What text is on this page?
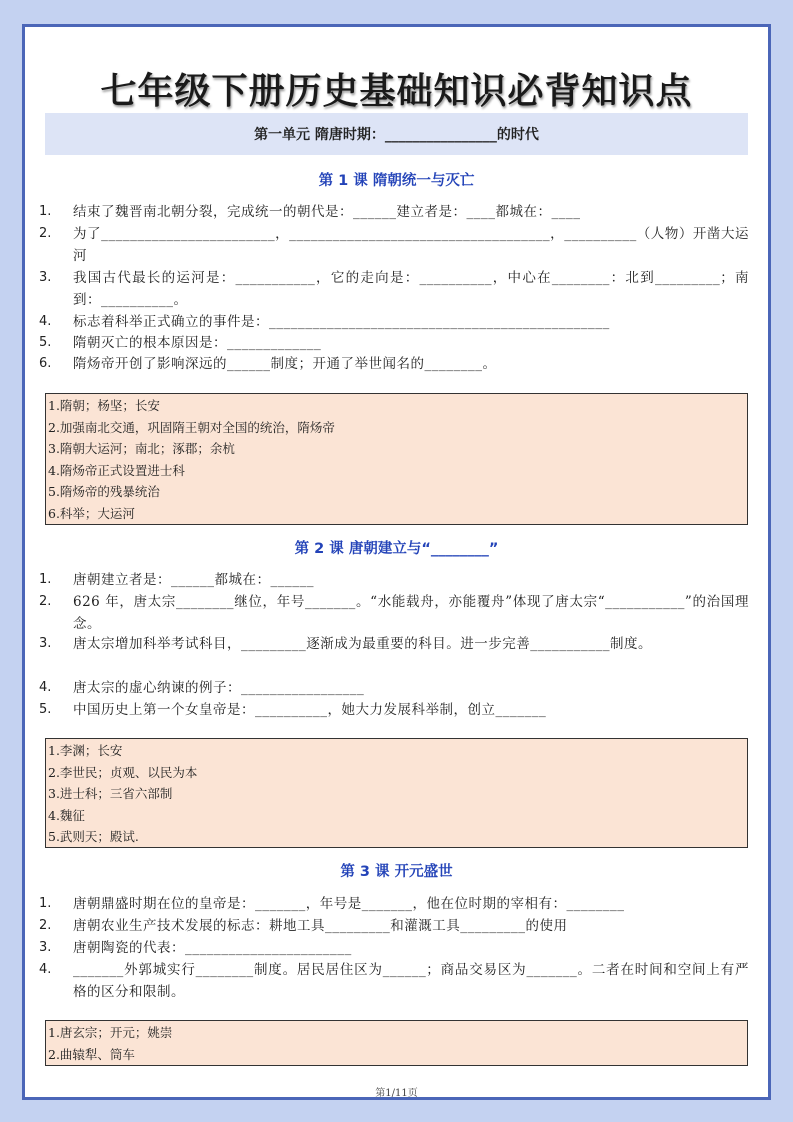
七年级下册历史基础知识必背知识点
第一单元 隋唐时期：________________的时代
第 1 课 隋朝统一与灭亡
1.	结束了魏晋南北朝分裂，完成统一的朝代是：______建立者是：____都城在：____
2.	为了________________________，____________________________________，__________（人物）开凿大运河
3.	我国古代最长的运河是：___________，它的走向是：__________，中心在________：北到_________；南到：__________。
4.	标志着科举正式确立的事件是：_______________________________________________
5.	隋朝灭亡的根本原因是：_____________
6.	隋炀帝开创了影响深远的______制度；开通了举世闻名的________。
1.隋朝；杨坚；长安
2.加强南北交通，巩固隋王朝对全国的统治，隋炀帝
3.隋朝大运河；南北；涿郡；余杭
4.隋炀帝正式设置进士科
5.隋炀帝的残暴统治
6.科举；大运河
第 2 课 唐朝建立与“________”
1.	唐朝建立者是：______都城在：______
2.	626 年，唐太宗________继位，年号_______。“水能载舟，亦能覆舟”体现了唐太宗“___________”的治国理念。
3.	唐太宗增加科举考试科目，_________逐渐成为最重要的科目。进一步完善___________制度。
4.	唐太宗的虚心纳谏的例子：_________________
5.	中国历史上第一个女皇帝是：__________，她大力发展科举制，创立_______
1.李渊；长安
2.李世民；贞观、以民为本
3.进士科；三省六部制
4.魏征
5.武则天；殿试.
第 3 课 开元盛世
1.	唐朝鼎盛时期在位的皇帝是：_______，年号是_______，他在位时期的宰相有：________
2.	唐朝农业生产技术发展的标志：耕地工具_________和灌溉工具_________的使用
3.	唐朝陶瓷的代表：_______________________
4.	_______外郭城实行________制度。居民居住区为______；商品交易区为_______。二者在时间和空间上有严格的区分和限制。
1.唐玄宗；开元；姚崇
2.曲辕犁、筒车
第1/11页
